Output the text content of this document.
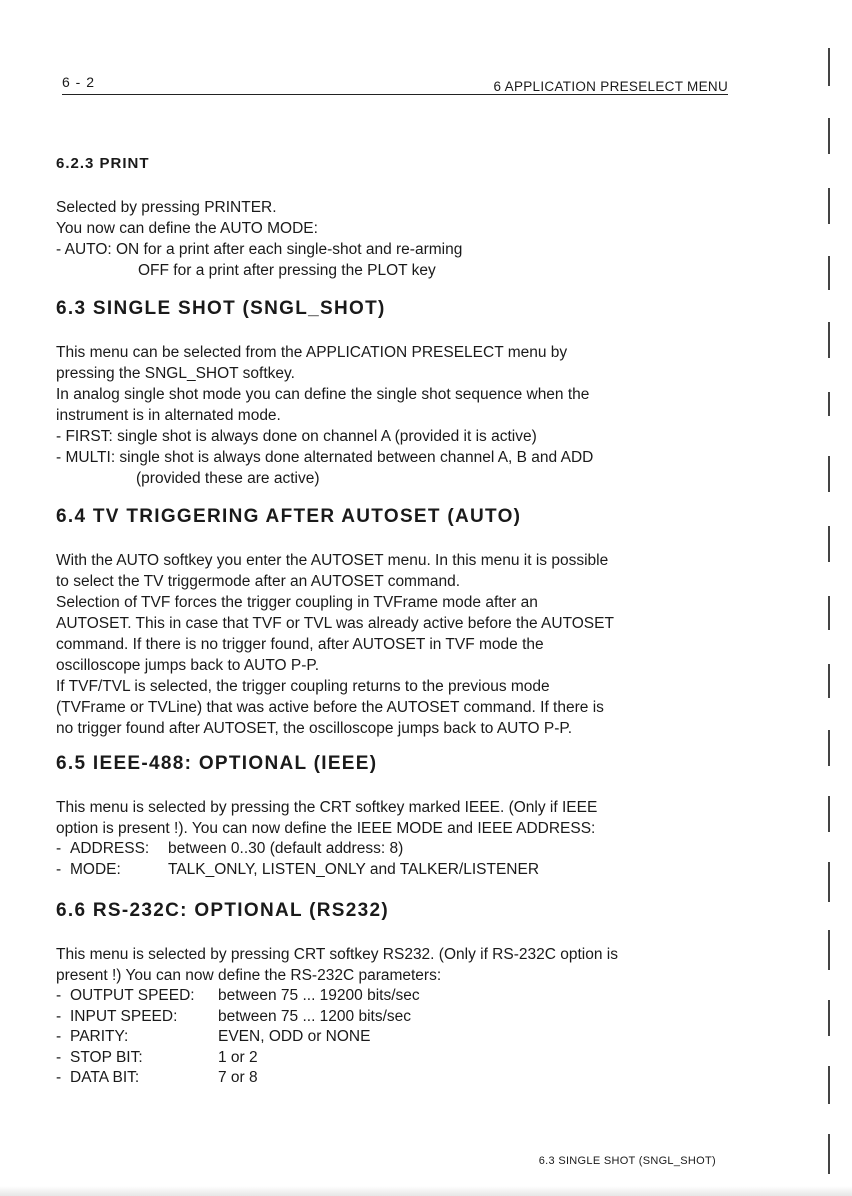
6 - 2	6 APPLICATION PRESELECT MENU
6.2.3 PRINT

Selected by pressing PRINTER.
You now can define the AUTO MODE:
- AUTO: ON for a print after each single-shot and re-arming
OFF for a print after pressing the PLOT key

6.3 SINGLE SHOT (SNGL_SHOT)

This menu can be selected from the APPLICATION PRESELECT menu by
pressing the SNGL_SHOT softkey.
In analog single shot mode you can define the single shot sequence when the
instrument is in alternated mode.
- FIRST: single shot is always done on channel A (provided it is active)
- MULTI: single shot is always done alternated between channel A, B and ADD
(provided these are active)

6.4 TV TRIGGERING AFTER AUTOSET (AUTO)

With the AUTO softkey you enter the AUTOSET menu. In this menu it is possible
to select the TV triggermode after an AUTOSET command.
Selection of TVF forces the trigger coupling in TVFrame mode after an
AUTOSET. This in case that TVF or TVL was already active before the AUTOSET
command. If there is no trigger found, after AUTOSET in TVF mode the
oscilloscope jumps back to AUTO P-P.
If TVF/TVL is selected, the trigger coupling returns to the previous mode
(TVFrame or TVLine) that was active before the AUTOSET command. If there is
no trigger found after AUTOSET, the oscilloscope jumps back to AUTO P-P.

6.5 IEEE-488: OPTIONAL (IEEE)

This menu is selected by pressing the CRT softkey marked IEEE. (Only if IEEE
option is present !). You can now define the IEEE MODE and IEEE ADDRESS:

- ADDRESS:	between 0..30 (default address: 8)
- MODE:	TALK_ONLY, LISTEN_ONLY and TALKER/LISTENER
6.6 RS-232C: OPTIONAL (RS232)

This menu is selected by pressing CRT softkey RS232. (Only if RS-232C option is
present !) You can now define the RS-232C parameters:

- OUTPUT SPEED:	between 75 ... 19200 bits/sec
- INPUT SPEED:	between 75 ... 1200 bits/sec
- PARITY:	EVEN, ODD or NONE
- STOP BIT:	1 or 2
- DATA BIT:	7 or 8
6.3 SINGLE SHOT (SNGL_SHOT)
